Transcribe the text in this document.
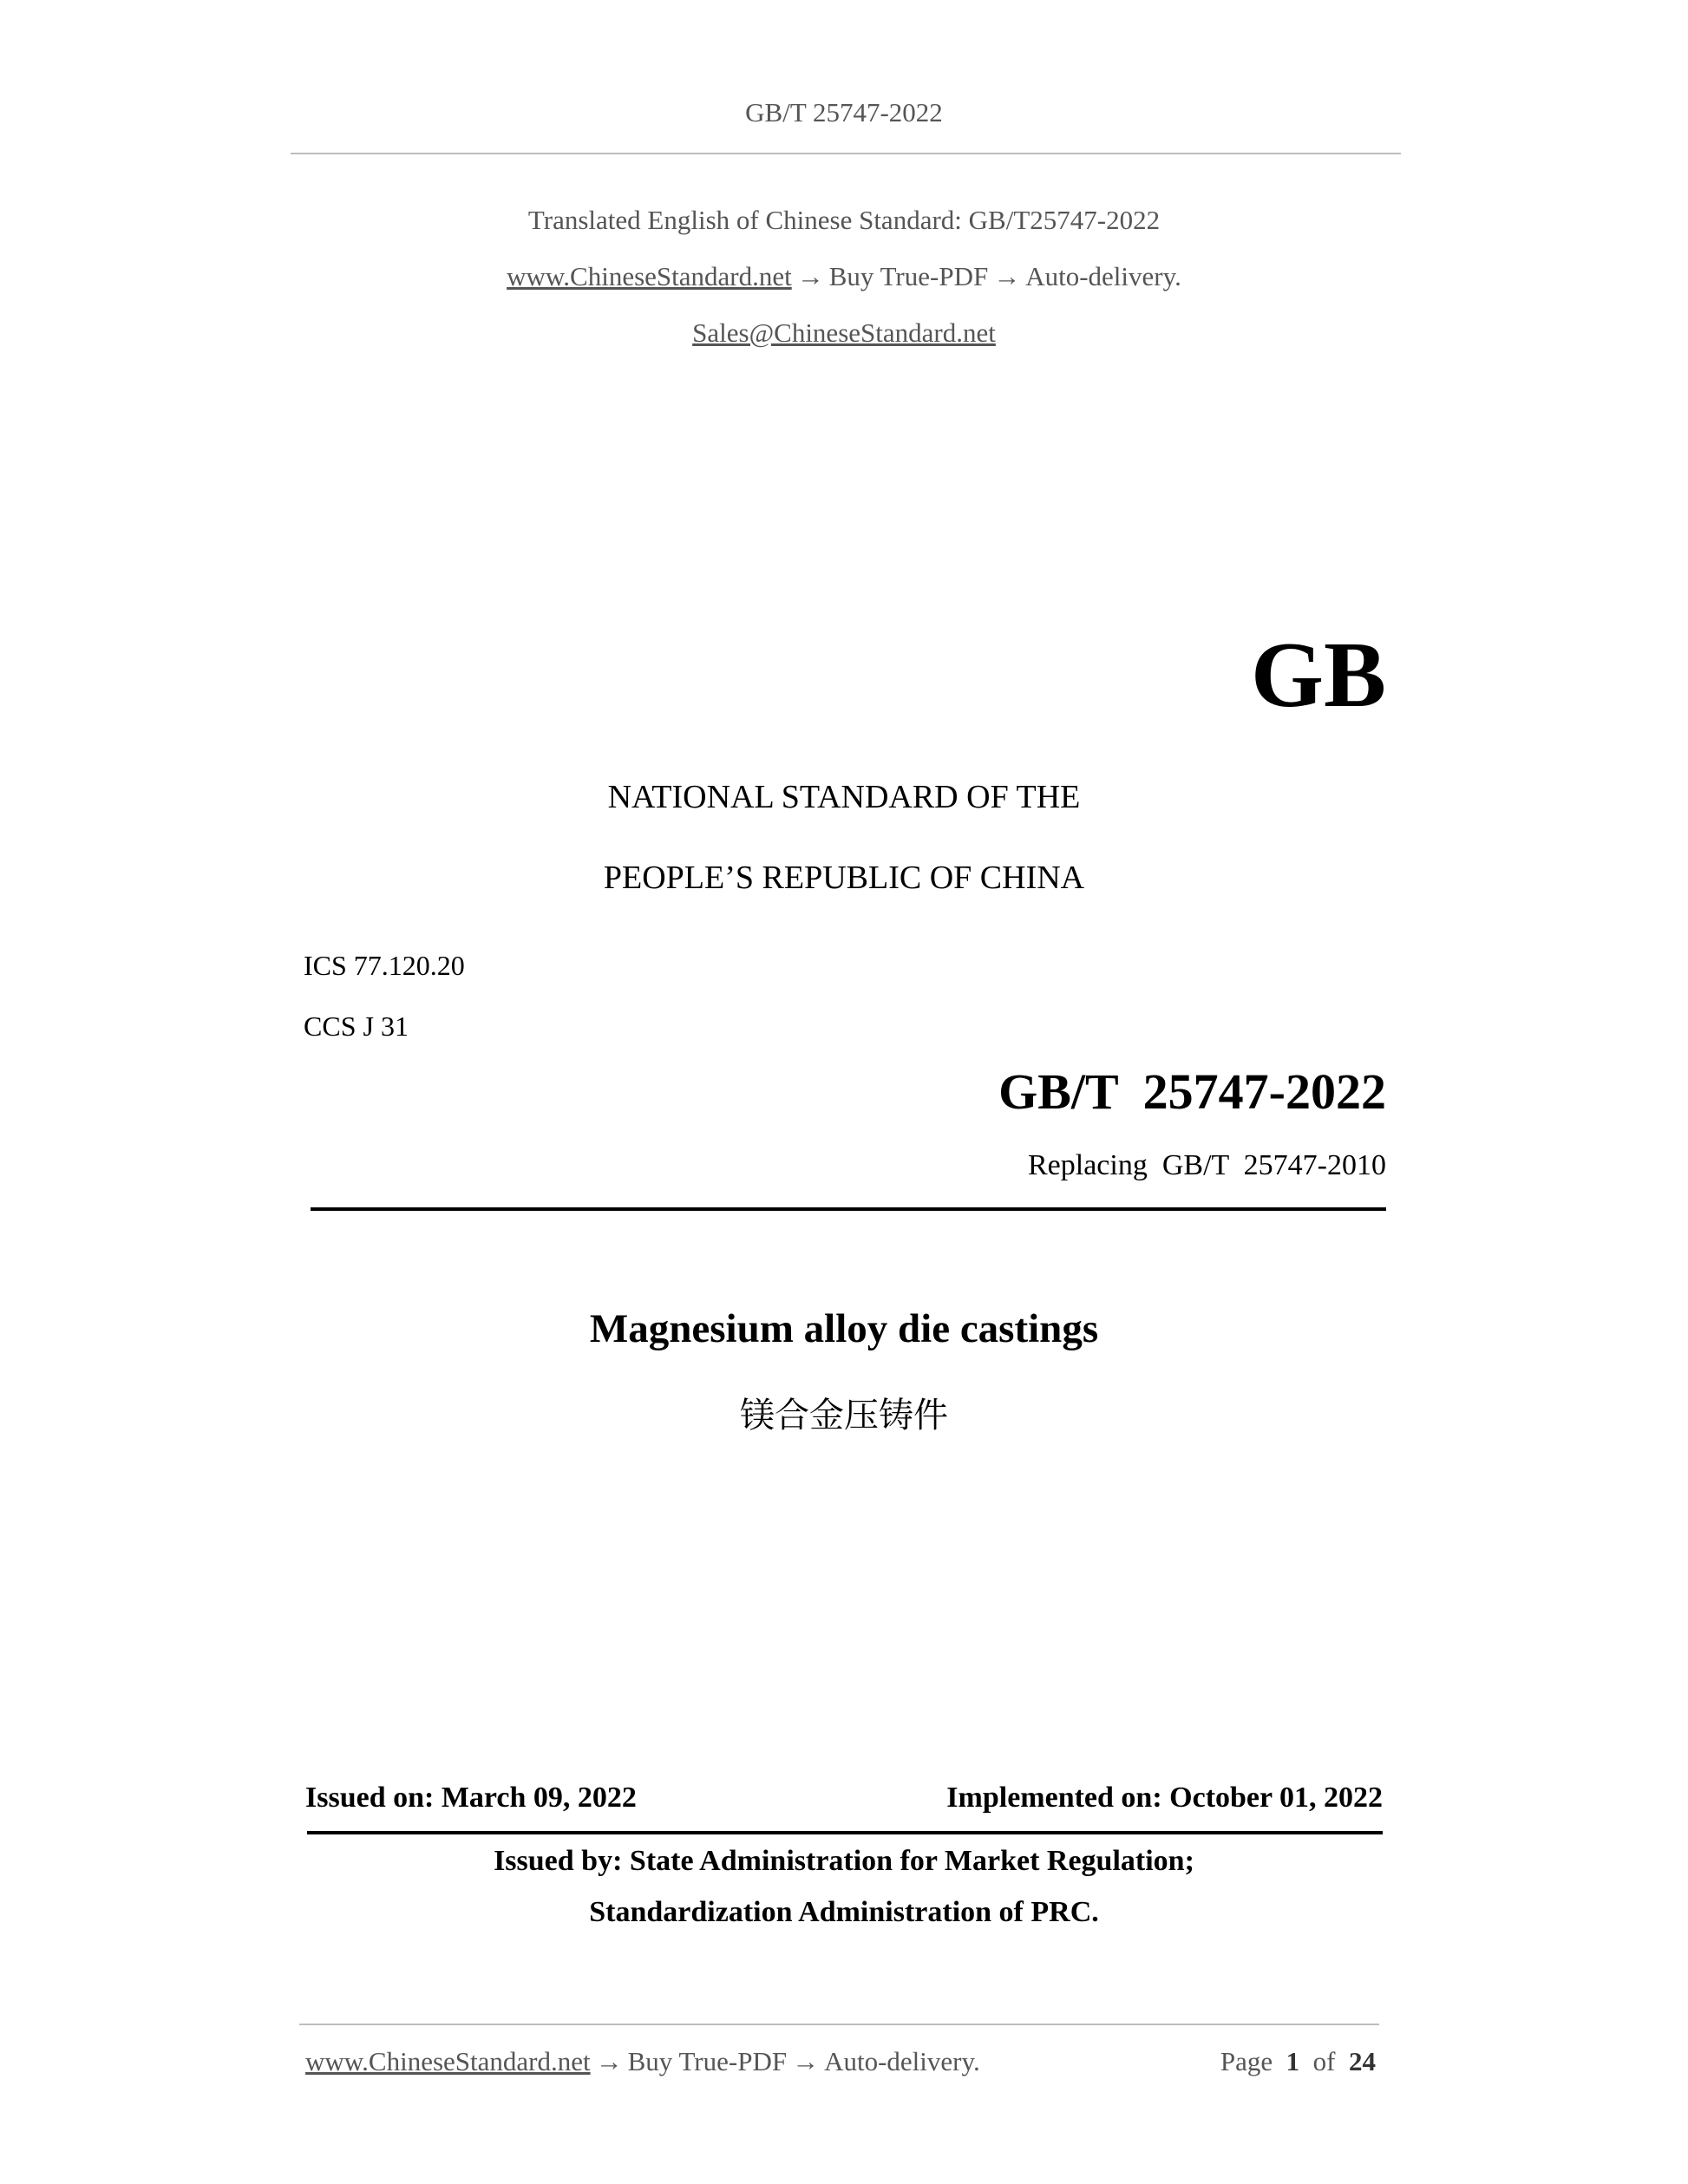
GB/T 25747-2022
Translated English of Chinese Standard: GB/T25747-2022
www.ChineseStandard.net → Buy True-PDF → Auto-delivery.
Sales@ChineseStandard.net
GB
NATIONAL STANDARD OF THE
PEOPLE’S REPUBLIC OF CHINA
ICS 77.120.20
CCS J 31
GB/T  25747-2022
Replacing  GB/T  25747-2010
Magnesium alloy die castings
镁合金压铸件
Issued on: March 09, 2022	Implemented on: October 01, 2022
Issued by: State Administration for Market Regulation;
Standardization Administration of PRC.
www.ChineseStandard.net → Buy True-PDF → Auto-delivery.	Page 1 of 24
